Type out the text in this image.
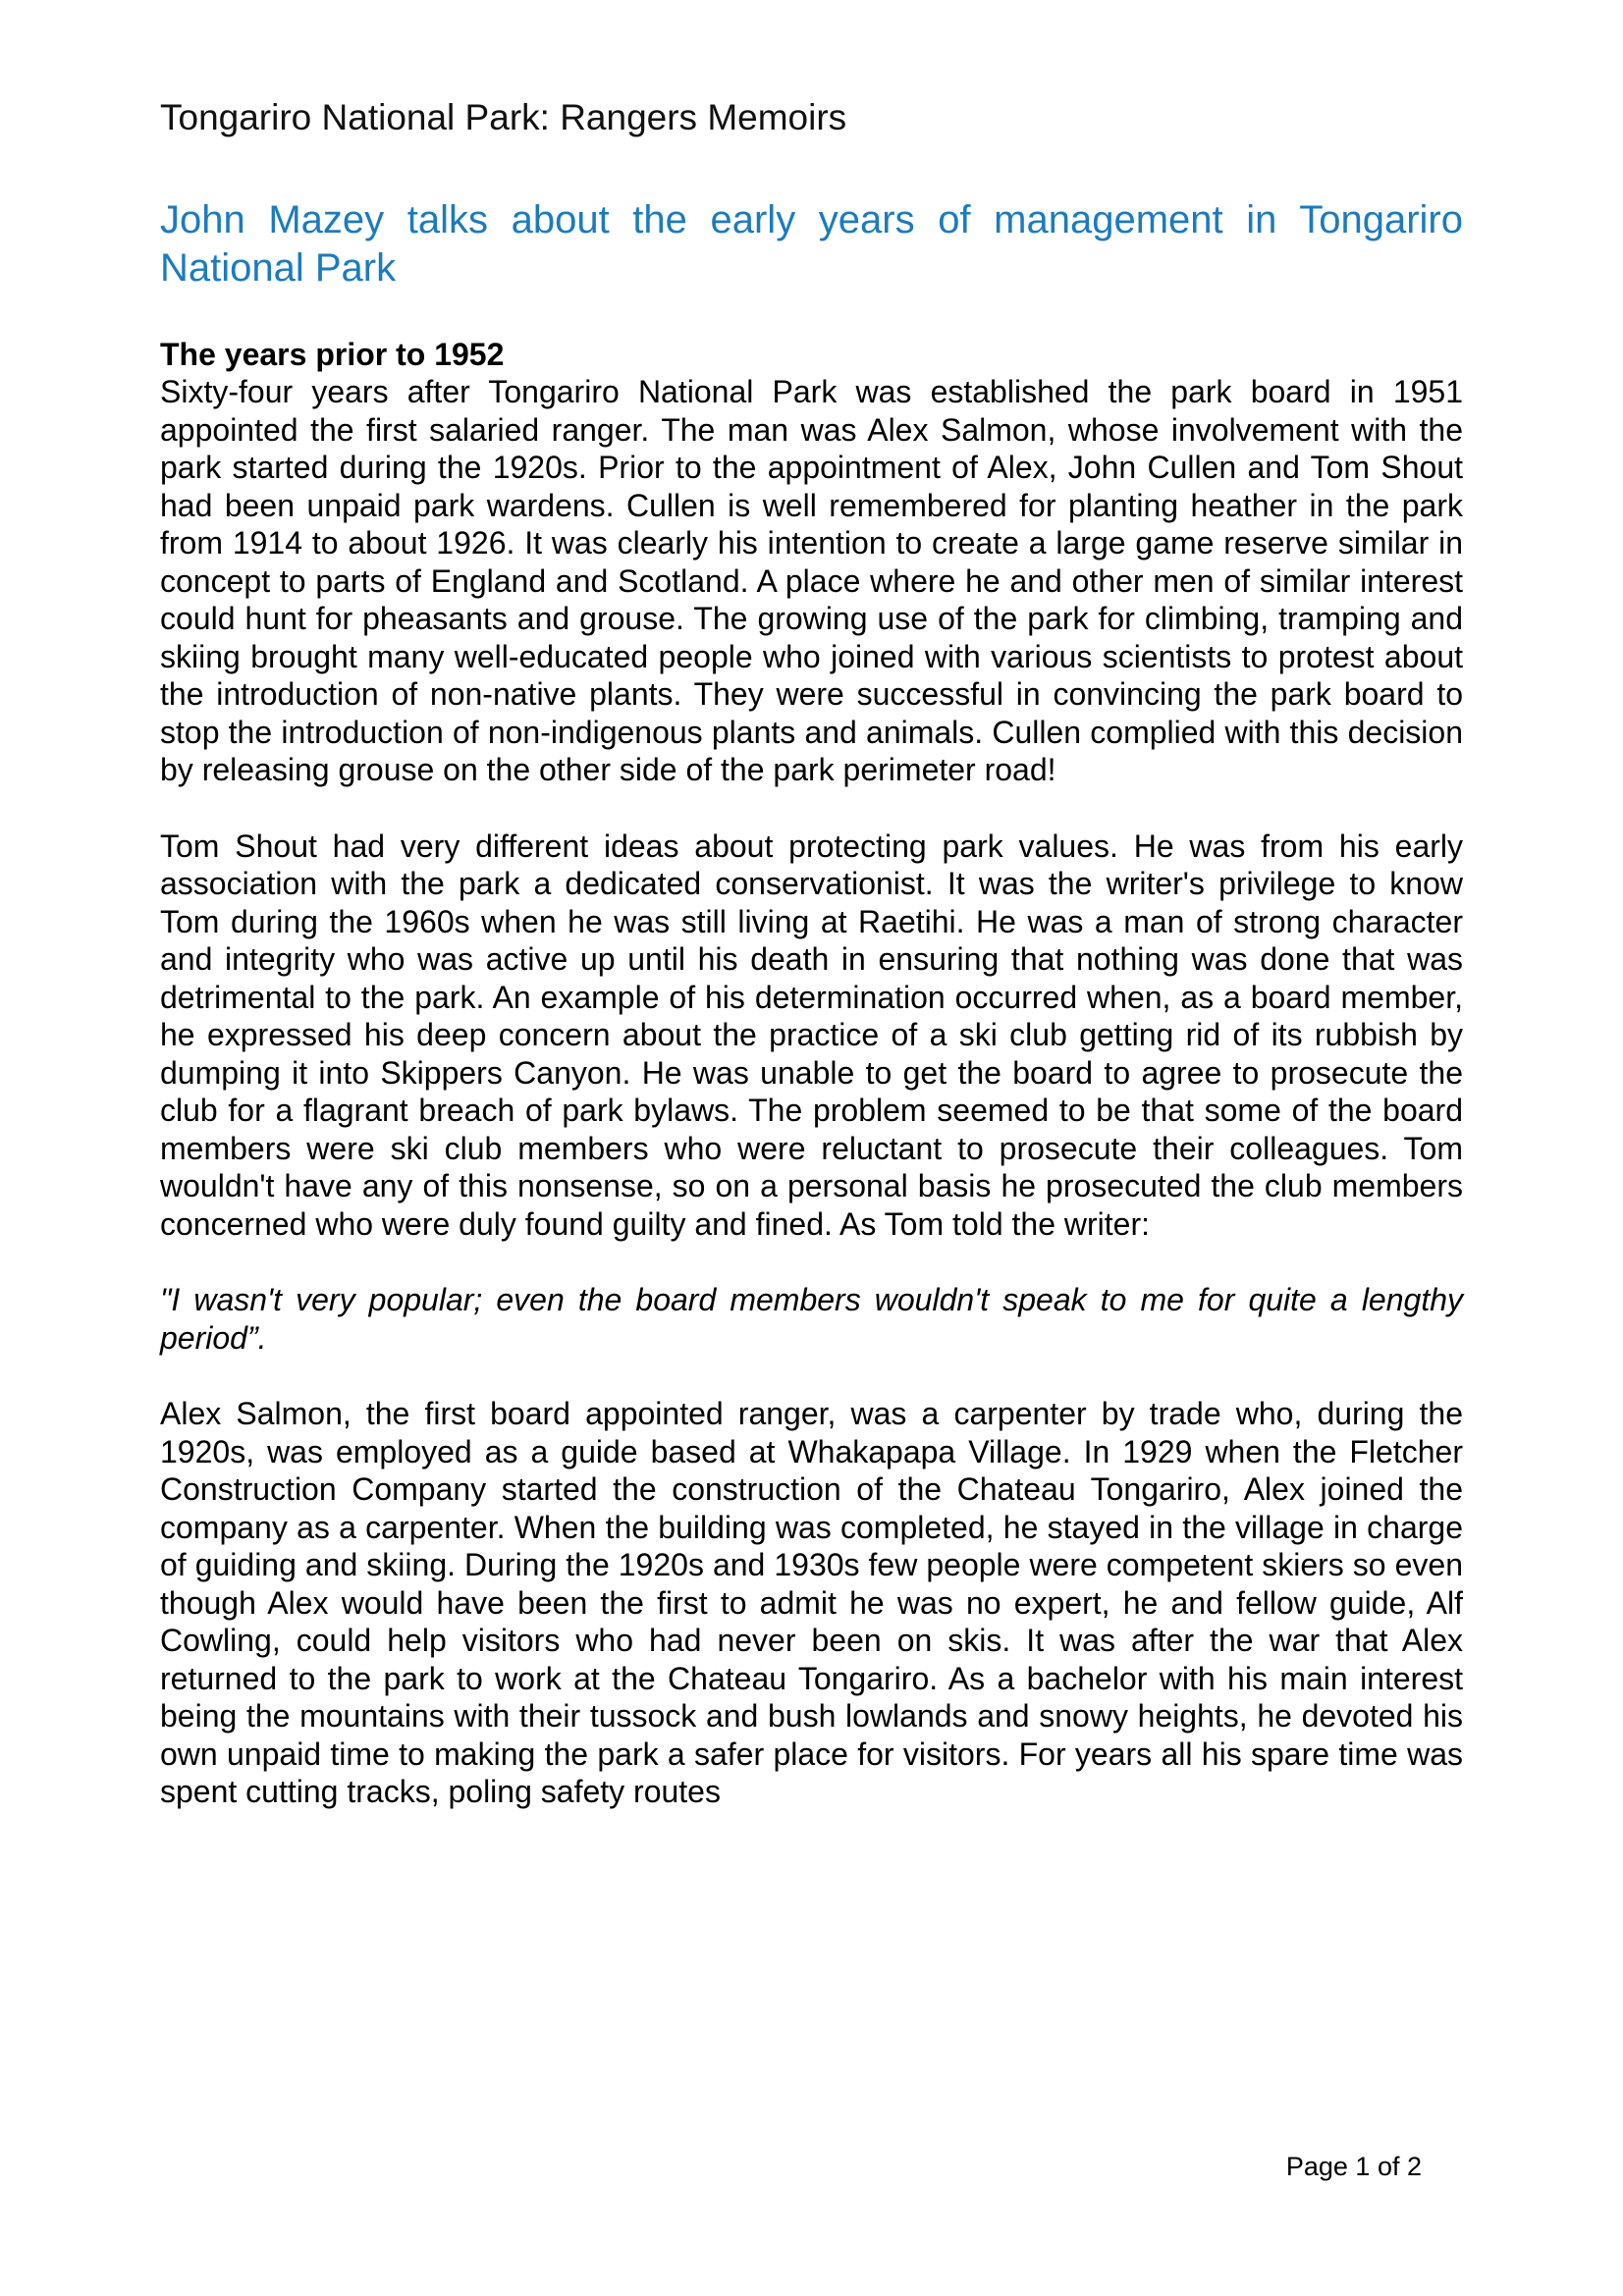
Tongariro National Park: Rangers Memoirs
John Mazey talks about the early years of management in Tongariro National Park
The years prior to 1952
Sixty-four years after Tongariro National Park was established the park board in 1951 appointed the first salaried ranger. The man was Alex Salmon, whose involvement with the park started during the 1920s. Prior to the appointment of Alex, John Cullen and Tom Shout had been unpaid park wardens. Cullen is well remembered for planting heather in the park from 1914 to about 1926. It was clearly his intention to create a large game reserve similar in concept to parts of England and Scotland. A place where he and other men of similar interest could hunt for pheasants and grouse. The growing use of the park for climbing, tramping and skiing brought many well-educated people who joined with various scientists to protest about the introduction of non-native plants. They were successful in convincing the park board to stop the introduction of non-indigenous plants and animals. Cullen complied with this decision by releasing grouse on the other side of the park perimeter road!
Tom Shout had very different ideas about protecting park values. He was from his early association with the park a dedicated conservationist. It was the writer's privilege to know Tom during the 1960s when he was still living at Raetihi. He was a man of strong character and integrity who was active up until his death in ensuring that nothing was done that was detrimental to the park. An example of his determination occurred when, as a board member, he expressed his deep concern about the practice of a ski club getting rid of its rubbish by dumping it into Skippers Canyon. He was unable to get the board to agree to prosecute the club for a flagrant breach of park bylaws. The problem seemed to be that some of the board members were ski club members who were reluctant to prosecute their colleagues. Tom wouldn't have any of this nonsense, so on a personal basis he prosecuted the club members concerned who were duly found guilty and fined. As Tom told the writer:
"I wasn't very popular; even the board members wouldn't speak to me for quite a lengthy period”.
Alex Salmon, the first board appointed ranger, was a carpenter by trade who, during the 1920s, was employed as a guide based at Whakapapa Village. In 1929 when the Fletcher Construction Company started the construction of the Chateau Tongariro, Alex joined the company as a carpenter. When the building was completed, he stayed in the village in charge of guiding and skiing. During the 1920s and 1930s few people were competent skiers so even though Alex would have been the first to admit he was no expert, he and fellow guide, Alf Cowling, could help visitors who had never been on skis. It was after the war that Alex returned to the park to work at the Chateau Tongariro. As a bachelor with his main interest being the mountains with their tussock and bush lowlands and snowy heights, he devoted his own unpaid time to making the park a safer place for visitors. For years all his spare time was spent cutting tracks, poling safety routes
Page 1 of 2
